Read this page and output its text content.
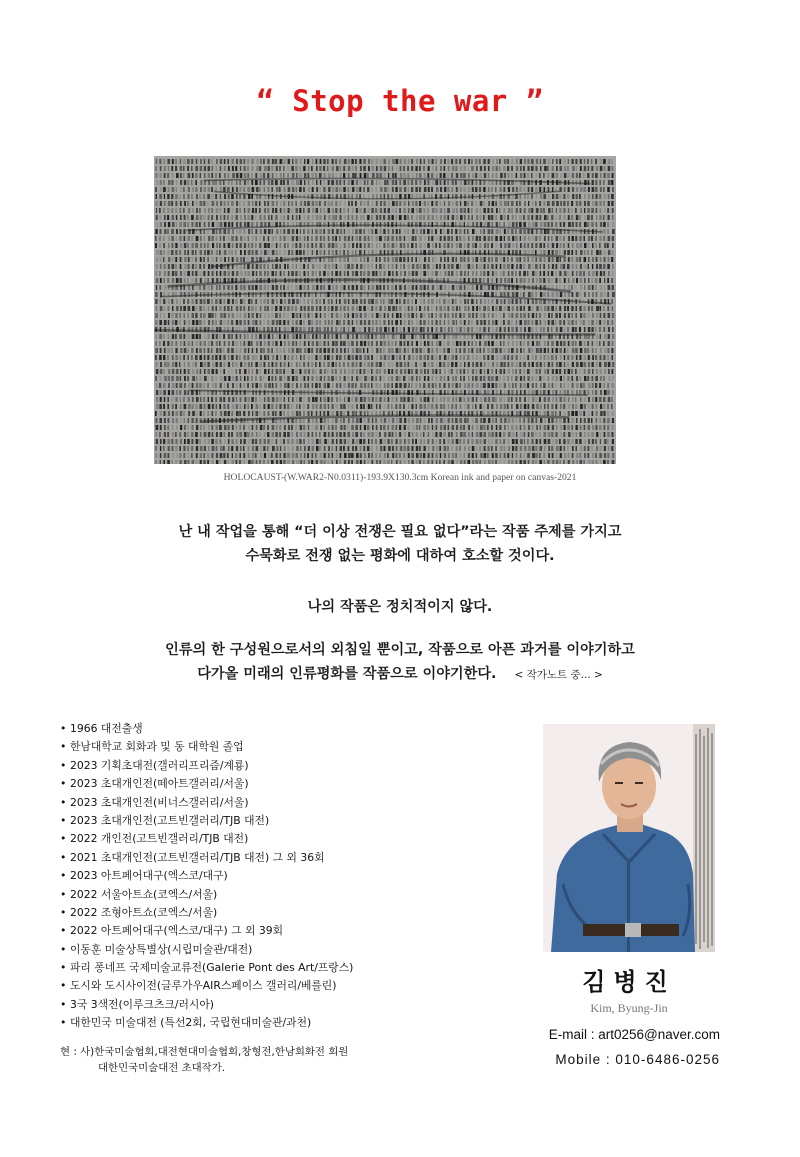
“ Stop the war ”
HOLOCAUST-(W.WAR2-N0.0311)-193.9X130.3cm Korean ink and paper on canvas-2021
난 내 작업을 통해 “더 이상 전쟁은 필요 없다”라는 작품 주제를 가지고
수묵화로 전쟁 없는 평화에 대하여 호소할 것이다.
나의 작품은 정치적이지 않다.
인류의 한 구성원으로서의 외침일 뿐이고, 작품으로 아픈 과거를 이야기하고
다가올 미래의 인류평화를 작품으로 이야기한다. < 작가노트 중... >
• 1966 대전출생
• 한남대학교 회화과 및 동 대학원 졸업
• 2023 기획초대전(갤러리프리즘/계룡)
• 2023 초대개인전(떼아트갤러리/서울)
• 2023 초대개인전(비너스갤러리/서울)
• 2023 초대개인전(고트빈갤러리/TJB 대전)
• 2022 개인전(고트빈갤러리/TJB 대전)
• 2021 초대개인전(고트빈갤러리/TJB 대전) 그 외 36회
• 2023 아트페어대구(엑스코/대구)
• 2022 서울아트쇼(코엑스/서울)
• 2022 조형아트쇼(코엑스/서울)
• 2022 아트페어대구(엑스코/대구) 그 외 39회
• 이동훈 미술상특별상(시립미술관/대전)
• 파리 퐁네프 국제미술교류전(Galerie Pont des Art/프랑스)
• 도시와 도시사이전(글루가우AIR스페이스 갤러리/베를린)
• 3국 3색전(이루크츠크/러시아)
• 대한민국 미술대전 (특선2회, 국립현대미술관/과천)
현 : 사)한국미술협회,대전현대미술협회,창형전,한남회화전 회원
대한민국미술대전 초대작가.
김병진
Kim, Byung-Jin
E-mail : art0256@naver.com
Mobile : 010-6486-0256
